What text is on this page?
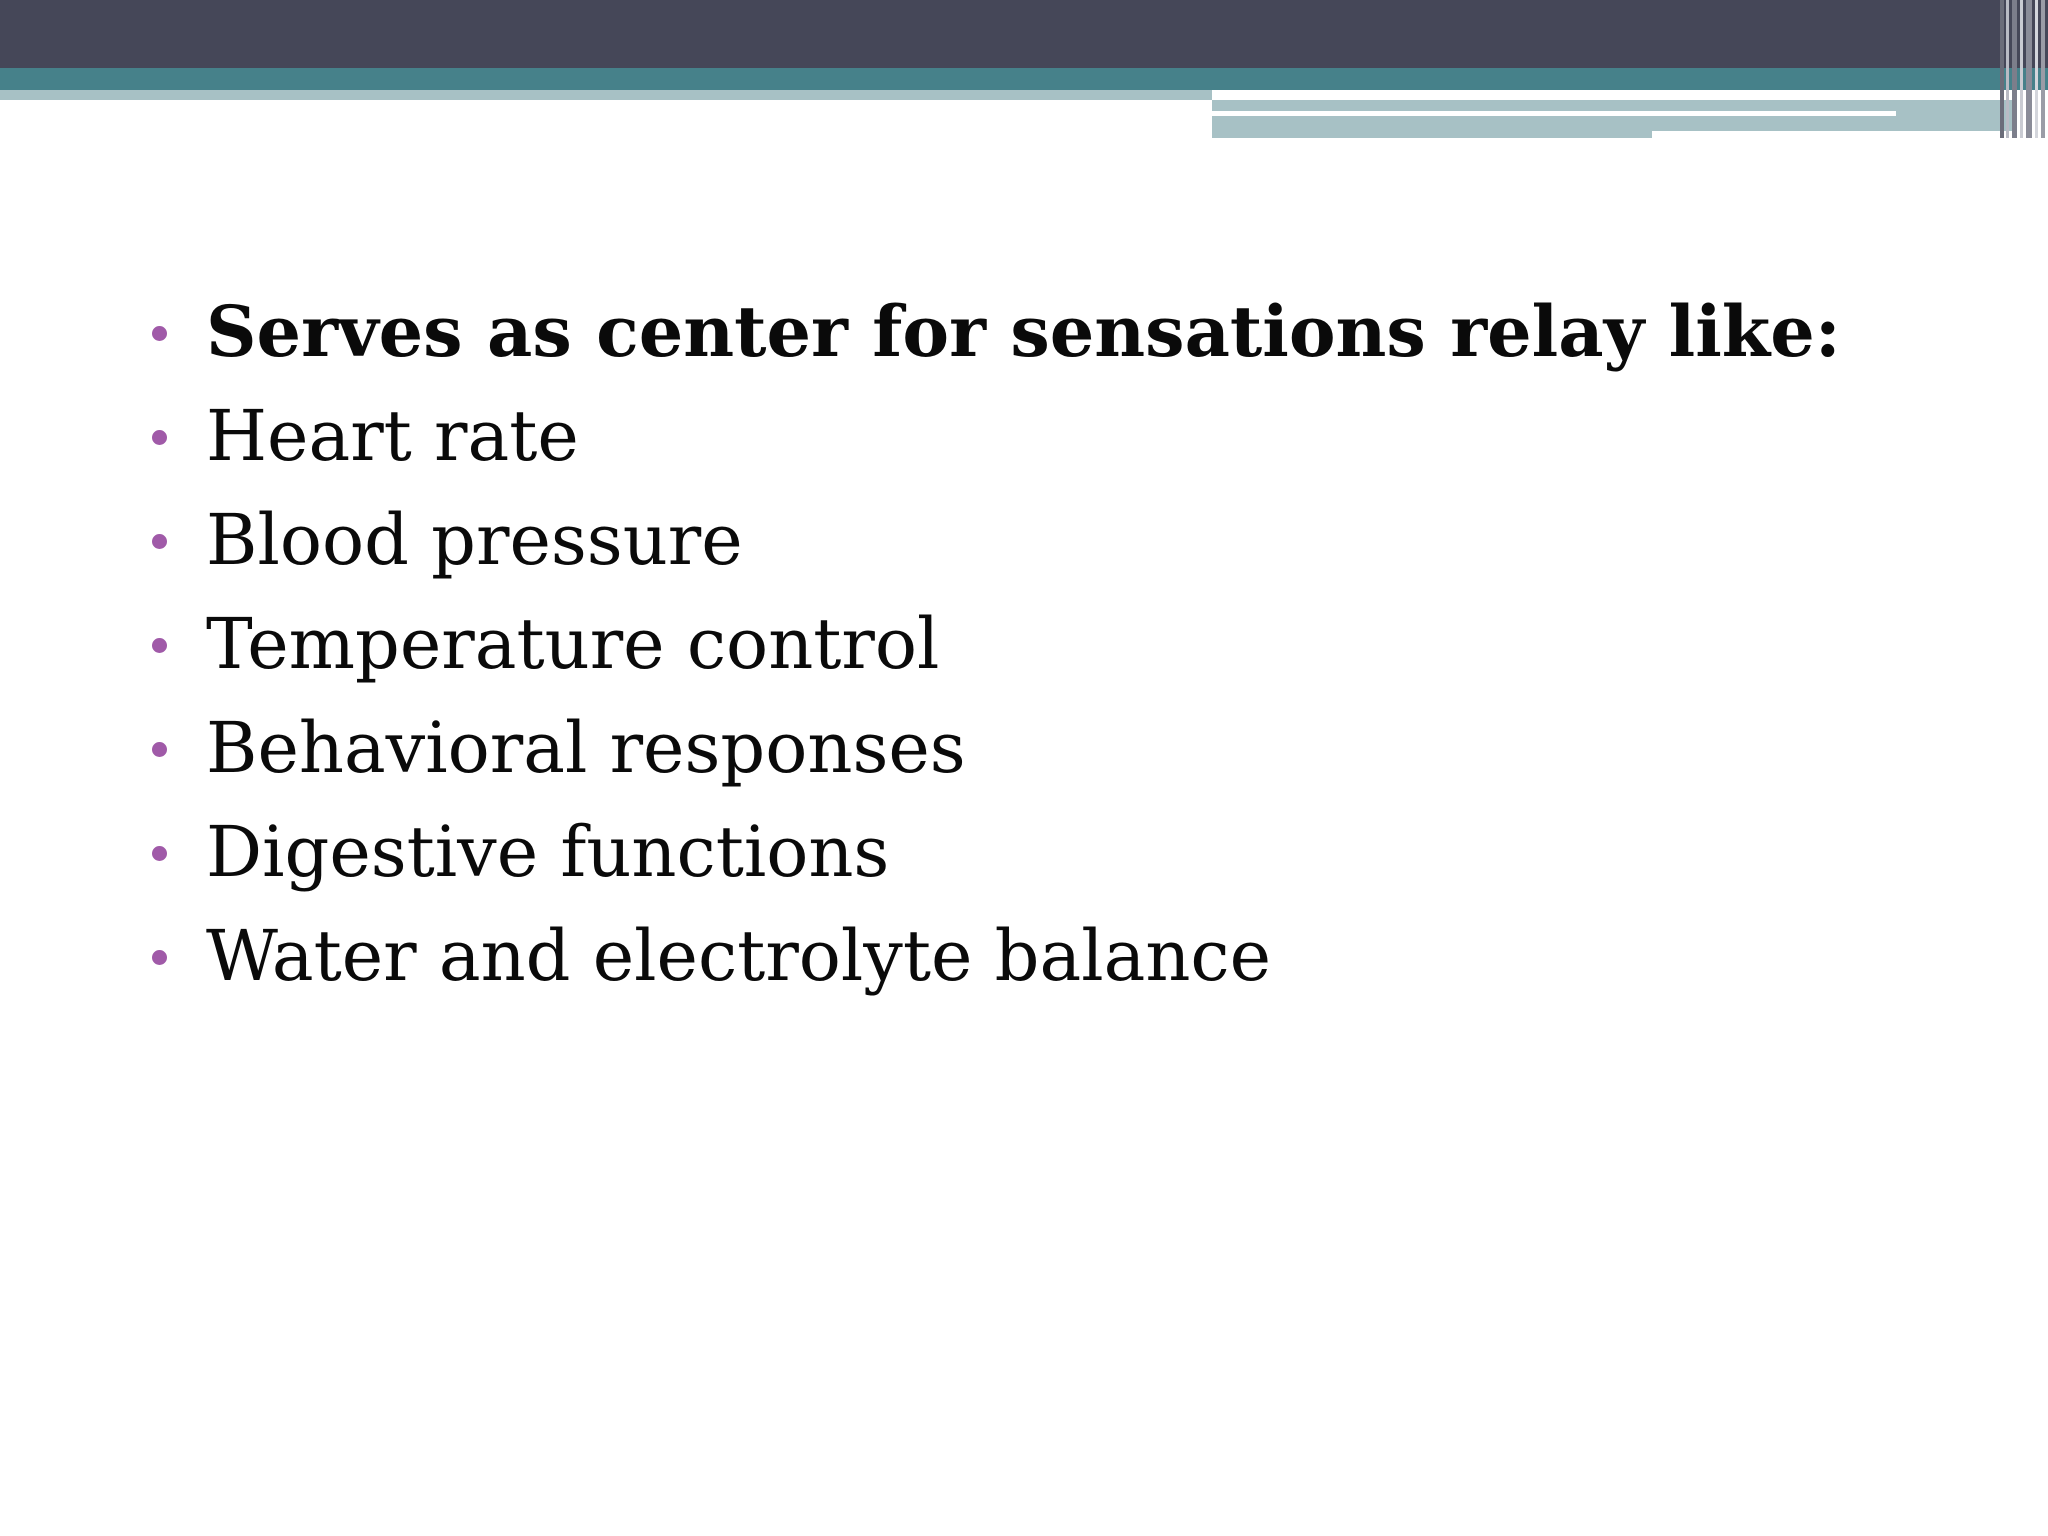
Serves as center for sensations relay like:
Heart rate
Blood pressure
Temperature control
Behavioral responses
Digestive functions
Water and electrolyte balance
